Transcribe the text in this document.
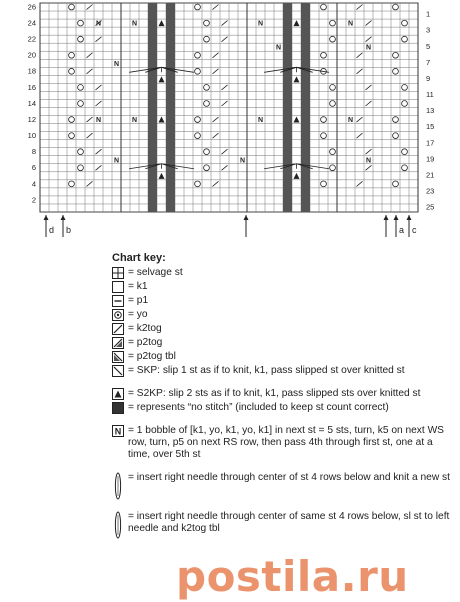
N	N
N
N
N
N
N
N	N
N
N
N
N
N
25
23
21
19
17
15
13
11
9
7
5
3
1
26
24
22
20
18
16
14
12
10
8
6
4
2
d b	a c
Chart key:
= selvage st
= k1
= p1
= yo
= k2tog
= p2tog
= p2tog tbl
= SKP: slip 1 st as if to knit, k1, pass slipped st over knitted st
= S2KP: slip 2 sts as if to knit, k1, pass slipped sts over knitted st
= represents “no stitch” (included to keep st count correct)
N = 1 bobble of [k1, yo, k1, yo, k1] in next st = 5 sts, turn, k5 on next WS row, turn, p5 on next RS row, then pass 4th through first st, one at a time, over 5th st
= insert right needle through center of st 4 rows below and knit a new st
= insert right needle through center of same st 4 rows below, sl st to left needle and k2tog tbl
postila.ru
